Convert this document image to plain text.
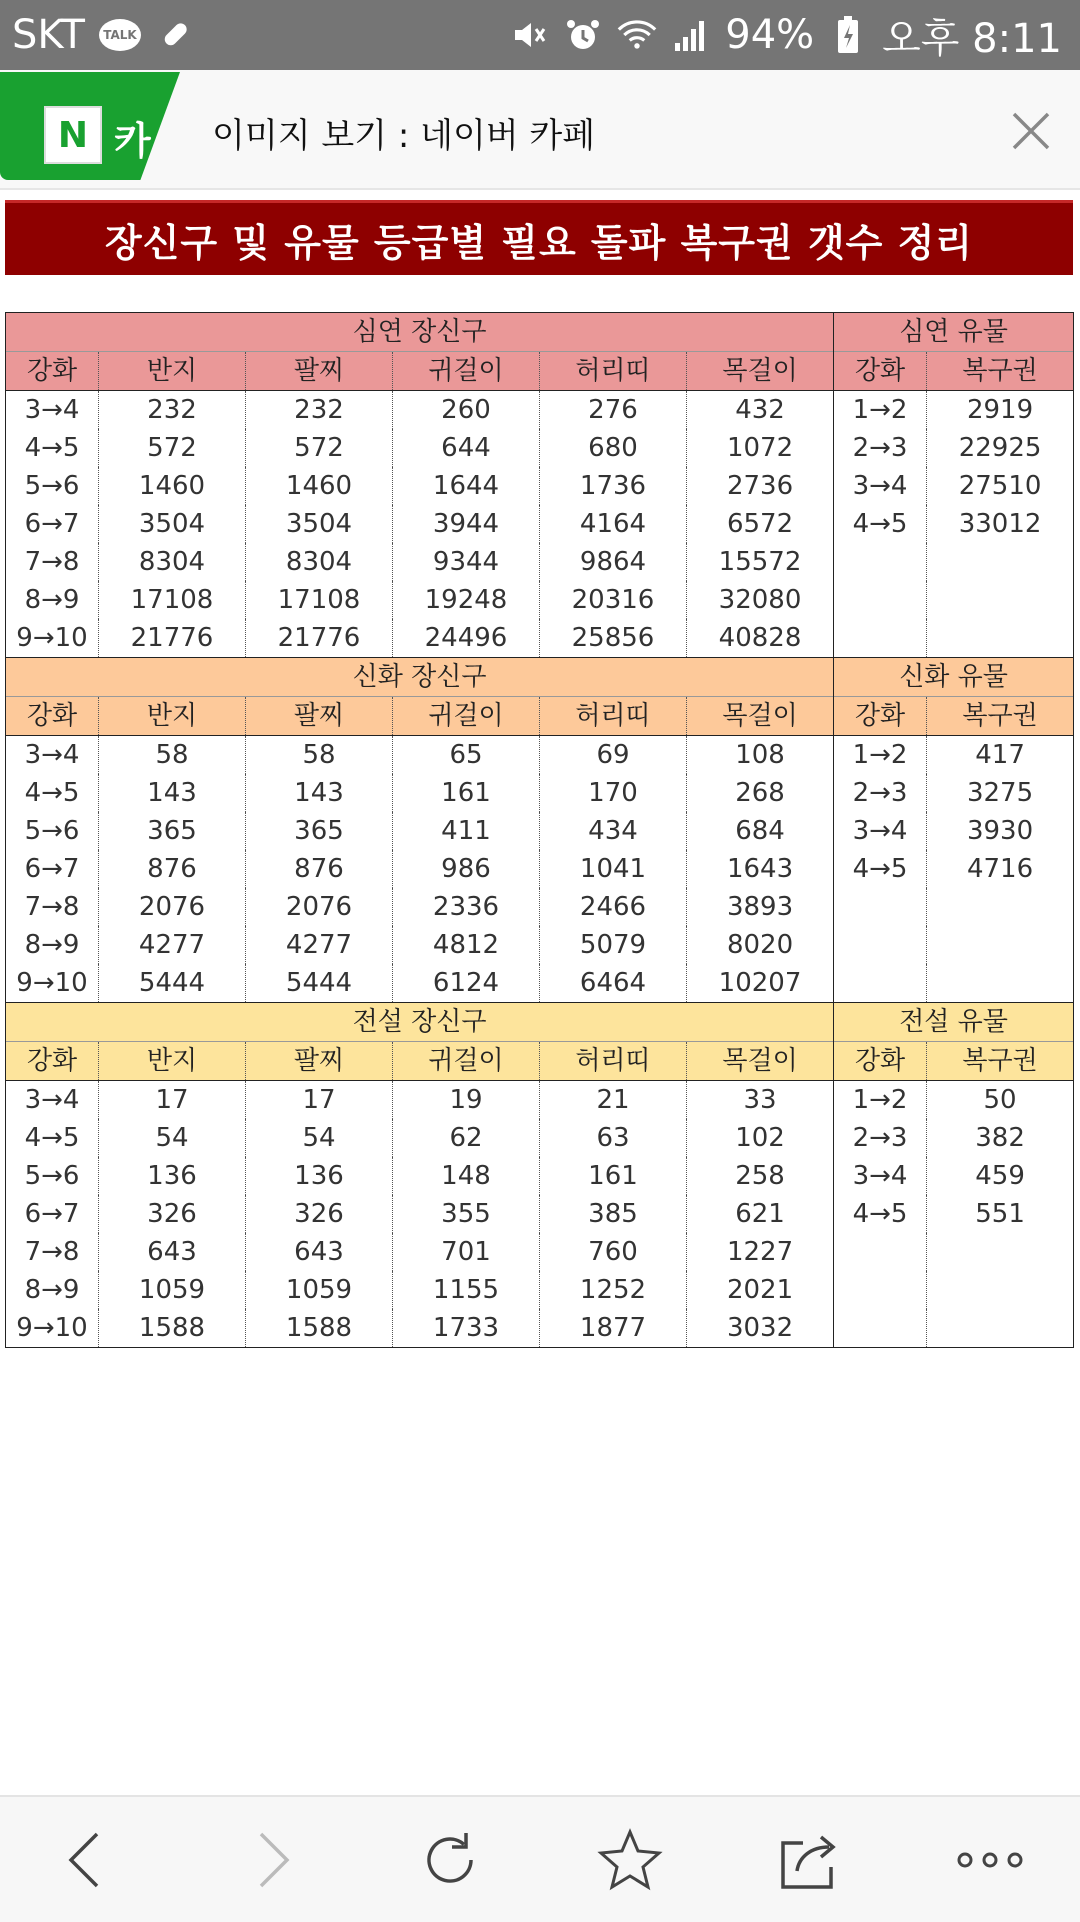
SKT	TALK	94% 오후 8:11
N 카 이미지 보기 : 네이버 카페
장신구 및 유물 등급별 필요 돌파 복구권 갯수 정리
심연 장신구						심연 유물	
강화	반지	팔찌	귀걸이	허리띠	목걸이	강화	복구권
3→4	232	232	260	276	432	1→2	2919
4→5	572	572	644	680	1072	2→3	22925
5→6	1460	1460	1644	1736	2736	3→4	27510
6→7	3504	3504	3944	4164	6572	4→5	33012
7→8	8304	8304	9344	9864	15572		
8→9	17108	17108	19248	20316	32080		
9→10	21776	21776	24496	25856	40828		
신화 장신구						신화 유물	
강화	반지	팔찌	귀걸이	허리띠	목걸이	강화	복구권
3→4	58	58	65	69	108	1→2	417
4→5	143	143	161	170	268	2→3	3275
5→6	365	365	411	434	684	3→4	3930
6→7	876	876	986	1041	1643	4→5	4716
7→8	2076	2076	2336	2466	3893		
8→9	4277	4277	4812	5079	8020		
9→10	5444	5444	6124	6464	10207		
전설 장신구						전설 유물	
강화	반지	팔찌	귀걸이	허리띠	목걸이	강화	복구권
3→4	17	17	19	21	33	1→2	50
4→5	54	54	62	63	102	2→3	382
5→6	136	136	148	161	258	3→4	459
6→7	326	326	355	385	621	4→5	551
7→8	643	643	701	760	1227		
8→9	1059	1059	1155	1252	2021		
9→10	1588	1588	1733	1877	3032		
